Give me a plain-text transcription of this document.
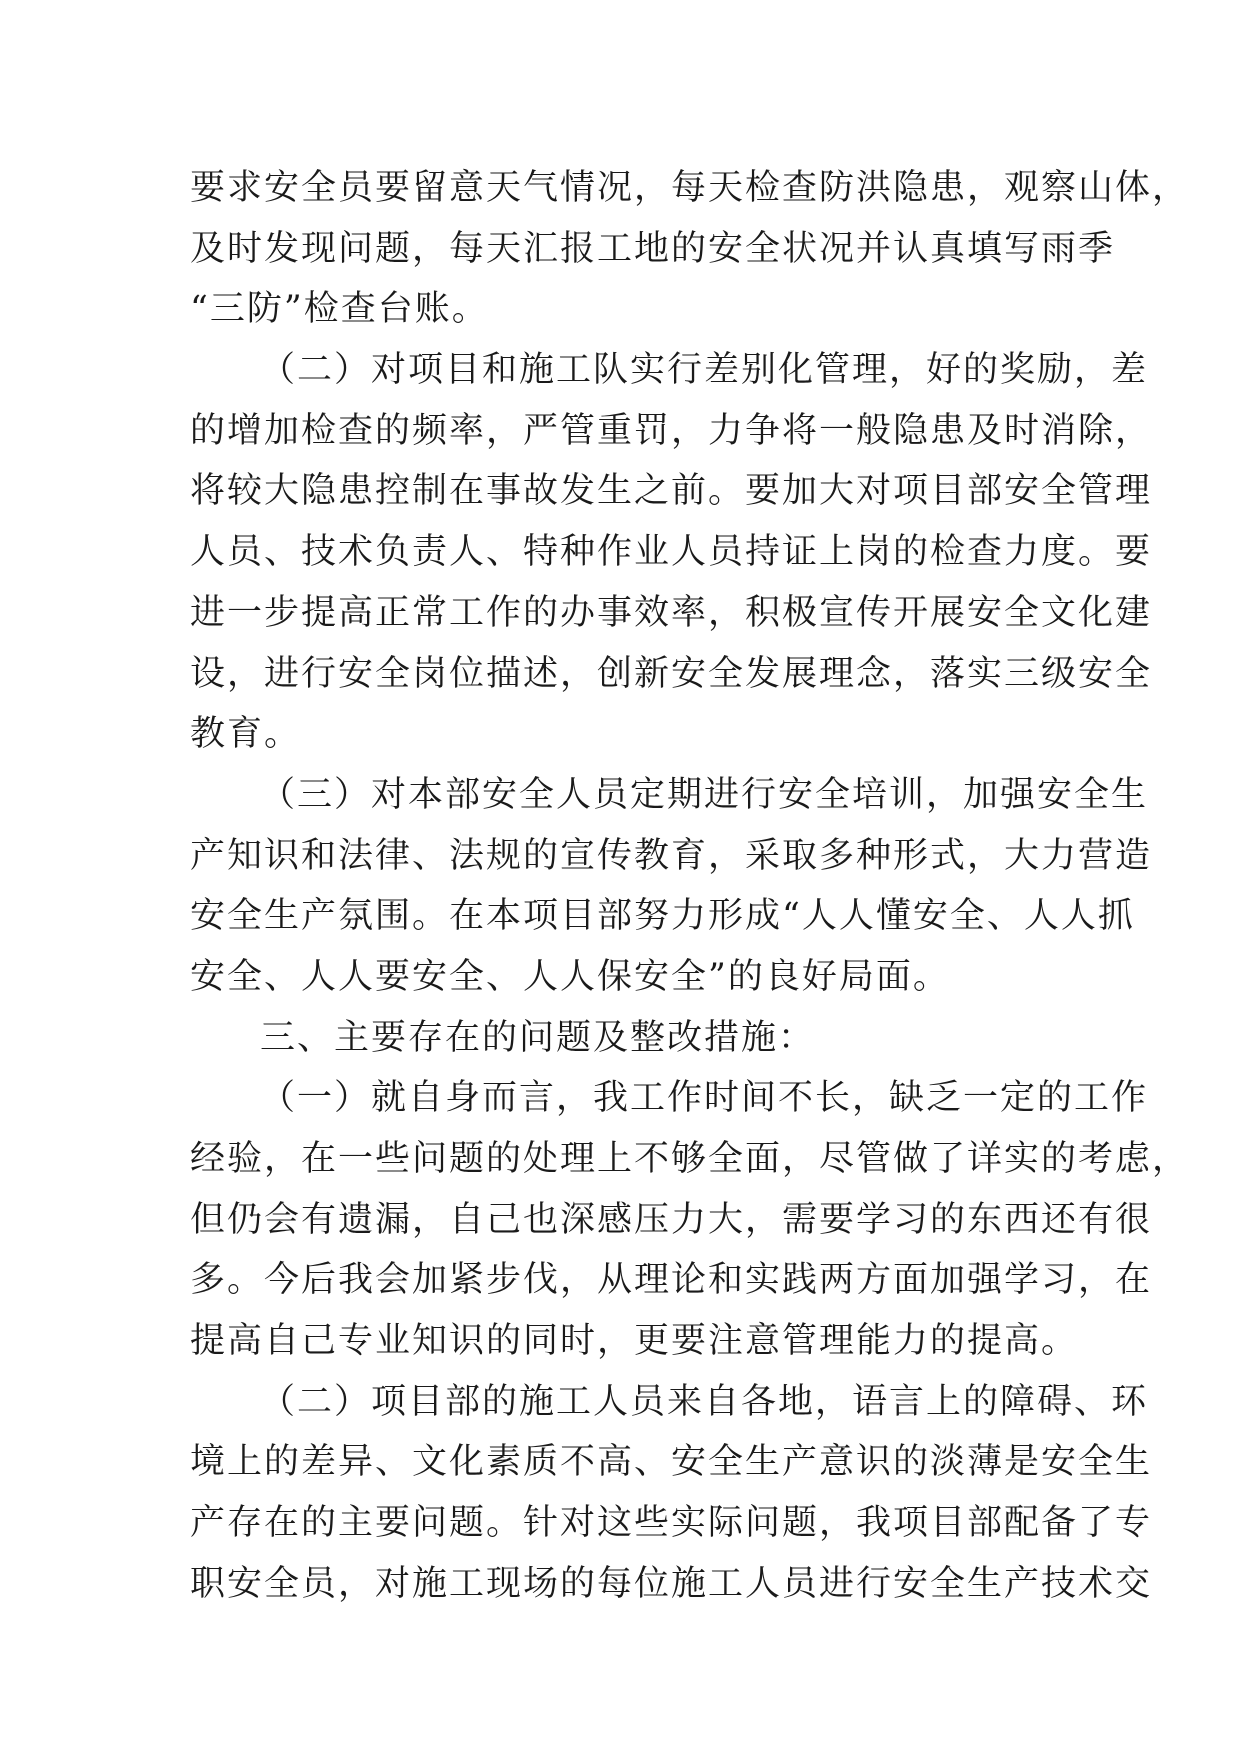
要求安全员要留意天气情况，每天检查防洪隐患，观察山体，
及时发现问题，每天汇报工地的安全状况并认真填写雨季
“三防”检查台账。
（二）对项目和施工队实行差别化管理，好的奖励，差
的增加检查的频率，严管重罚，力争将一般隐患及时消除，
将较大隐患控制在事故发生之前。要加大对项目部安全管理
人员、技术负责人、特种作业人员持证上岗的检查力度。要
进一步提高正常工作的办事效率，积极宣传开展安全文化建
设，进行安全岗位描述，创新安全发展理念，落实三级安全
教育。
（三）对本部安全人员定期进行安全培训，加强安全生
产知识和法律、法规的宣传教育，采取多种形式，大力营造
安全生产氛围。在本项目部努力形成“人人懂安全、人人抓
安全、人人要安全、人人保安全”的良好局面。
三、主要存在的问题及整改措施：
（一）就自身而言，我工作时间不长，缺乏一定的工作
经验，在一些问题的处理上不够全面，尽管做了详实的考虑，
但仍会有遗漏，自己也深感压力大，需要学习的东西还有很
多。今后我会加紧步伐，从理论和实践两方面加强学习，在
提高自己专业知识的同时，更要注意管理能力的提高。
（二）项目部的施工人员来自各地，语言上的障碍、环
境上的差异、文化素质不高、安全生产意识的淡薄是安全生
产存在的主要问题。针对这些实际问题，我项目部配备了专
职安全员，对施工现场的每位施工人员进行安全生产技术交
